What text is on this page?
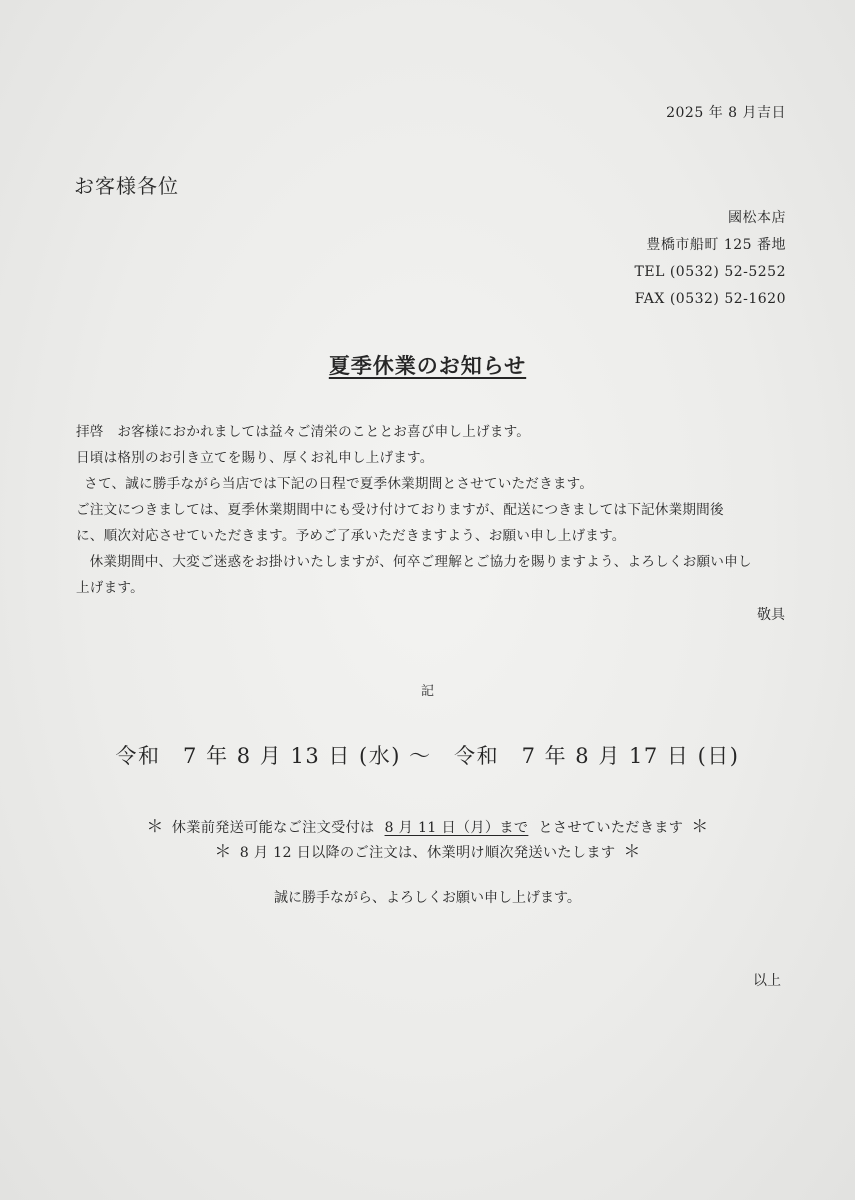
2025 年 8 月吉日
お客様各位
國松本店
豊橋市船町 125 番地
TEL (0532) 52-5252
FAX (0532) 52-1620
夏季休業のお知らせ

拝啓　お客様におかれましては益々ご清栄のこととお喜び申し上げます。

日頃は格別のお引き立てを賜り、厚くお礼申し上げます。

さて、誠に勝手ながら当店では下記の日程で夏季休業期間とさせていただきます。

ご注文につきましては、夏季休業期間中にも受け付けておりますが、配送につきましては下記休業期間後

に、順次対応させていただきます。予めご了承いただきますよう、お願い申し上げます。

休業期間中、大変ご迷惑をお掛けいたしますが、何卒ご理解とご協力を賜りますよう、よろしくお願い申し

上げます。

敬具
記
令和　7 年 8 月 13 日 (水) ～　令和　7 年 8 月 17 日 (日)
＊ 休業前発送可能なご注文受付は 8 月 11 日（月）まで とさせていただきます ＊
＊ 8 月 12 日以降のご注文は、休業明け順次発送いたします ＊
誠に勝手ながら、よろしくお願い申し上げます。
以上
